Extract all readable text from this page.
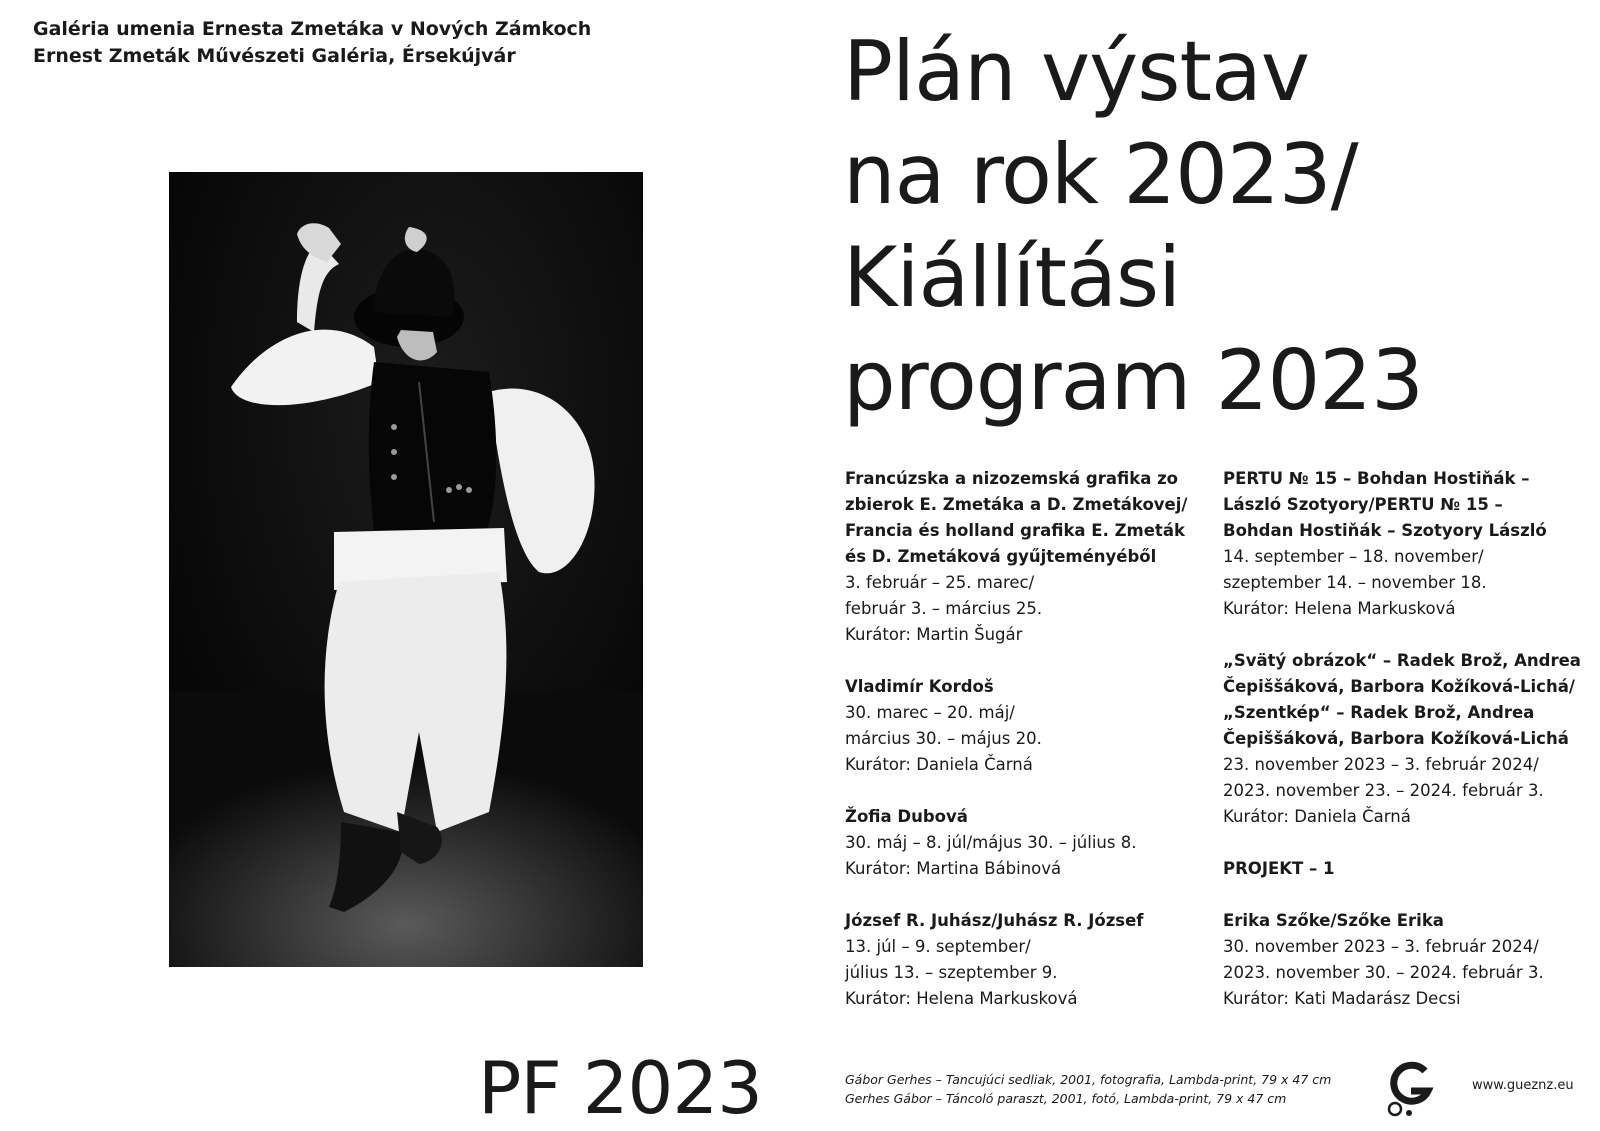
Galéria umenia Ernesta Zmetáka v Nových Zámkoch
Ernest Zmeták Művészeti Galéria, Érsekújvár	Plán výstav
na rok 2023/
Kiállítási
program 2023
Francúzska a nizozemská grafika zo
zbierok E. Zmetáka a D. Zmetákovej/
Francia és holland grafika E. Zmeták
és D. Zmetáková gyűjteményéből
3. február – 25. marec/
február 3. – március 25.
Kurátor: Martin Šugár
Vladimír Kordoš
30. marec – 20. máj/
március 30. – május 20.
Kurátor: Daniela Čarná
Žofia Dubová
30. máj – 8. júl/május 30. – július 8.
Kurátor: Martina Bábinová
József R. Juhász/Juhász R. József
13. júl – 9. september/
július 13. – szeptember 9.
Kurátor: Helena Markusková
PERTU № 15 – Bohdan Hostiňák –
László Szotyory/PERTU № 15 –
Bohdan Hostiňák – Szotyory László
14. september – 18. november/
szeptember 14. – november 18.
Kurátor: Helena Markusková
„Svätý obrázok“ – Radek Brož, Andrea
Čepiššáková, Barbora Kožíková-Lichá/
„Szentkép“ – Radek Brož, Andrea
Čepiššáková, Barbora Kožíková-Lichá
23. november 2023 – 3. február 2024/
2023. november 23. – 2024. február 3.
Kurátor: Daniela Čarná
PROJEKT – 1
Erika Szőke/Szőke Erika
30. november 2023 – 3. február 2024/
2023. november 30. – 2024. február 3.
Kurátor: Kati Madarász Decsi
PF 2023	Gábor Gerhes – Tancujúci sedliak, 2001, fotografia, Lambda-print, 79 x 47 cm
Gerhes Gábor – Táncoló paraszt, 2001, fotó, Lambda-print, 79 x 47 cm
www.gueznz.eu
